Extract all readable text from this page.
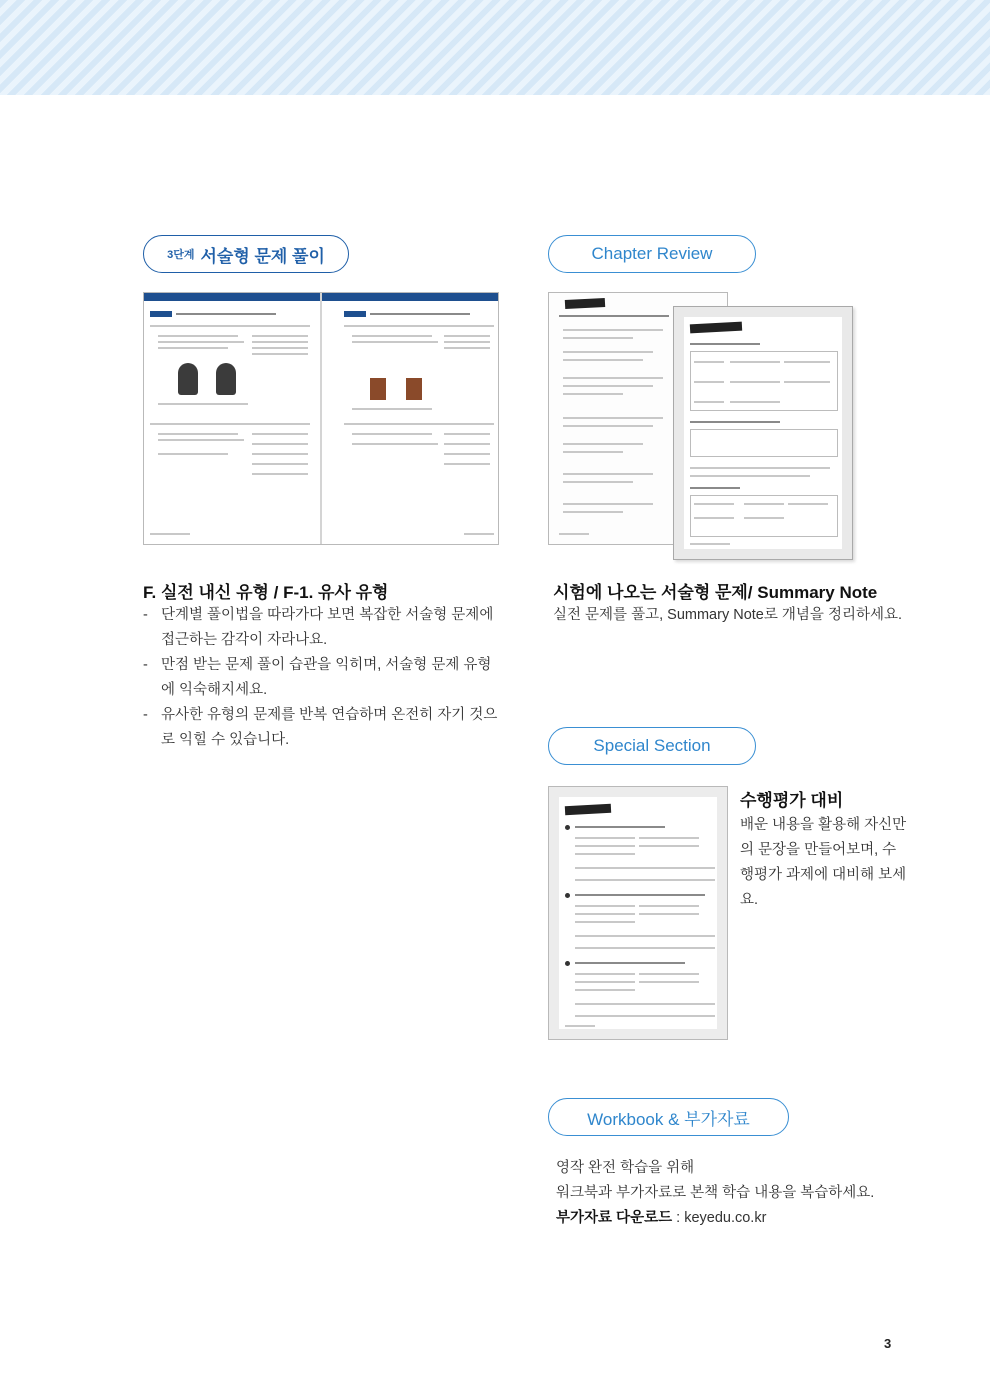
3단계 서술형 문제 풀이	Chapter Review
Special Section
Workbook & 부가자료
F. 실전 내신 유형 / F-1. 유사 유형
- 단계별 풀이법을 따라가다 보면 복잡한 서술형 문제에 접근하는 감각이 자라나요.
- 만점 받는 문제 풀이 습관을 익히며, 서술형 문제 유형에 익숙해지세요.
- 유사한 유형의 문제를 반복 연습하며 온전히 자기 것으로 익힐 수 있습니다.
시험에 나오는 서술형 문제/ Summary Note
실전 문제를 풀고, Summary Note로 개념을 정리하세요.
수행평가 대비
배운 내용을 활용해 자신만의 문장을 만들어보며, 수행평가 과제에 대비해 보세요.
영작 완전 학습을 위해
워크북과 부가자료로 본책 학습 내용을 복습하세요.
부가자료 다운로드 : keyedu.co.kr
3
